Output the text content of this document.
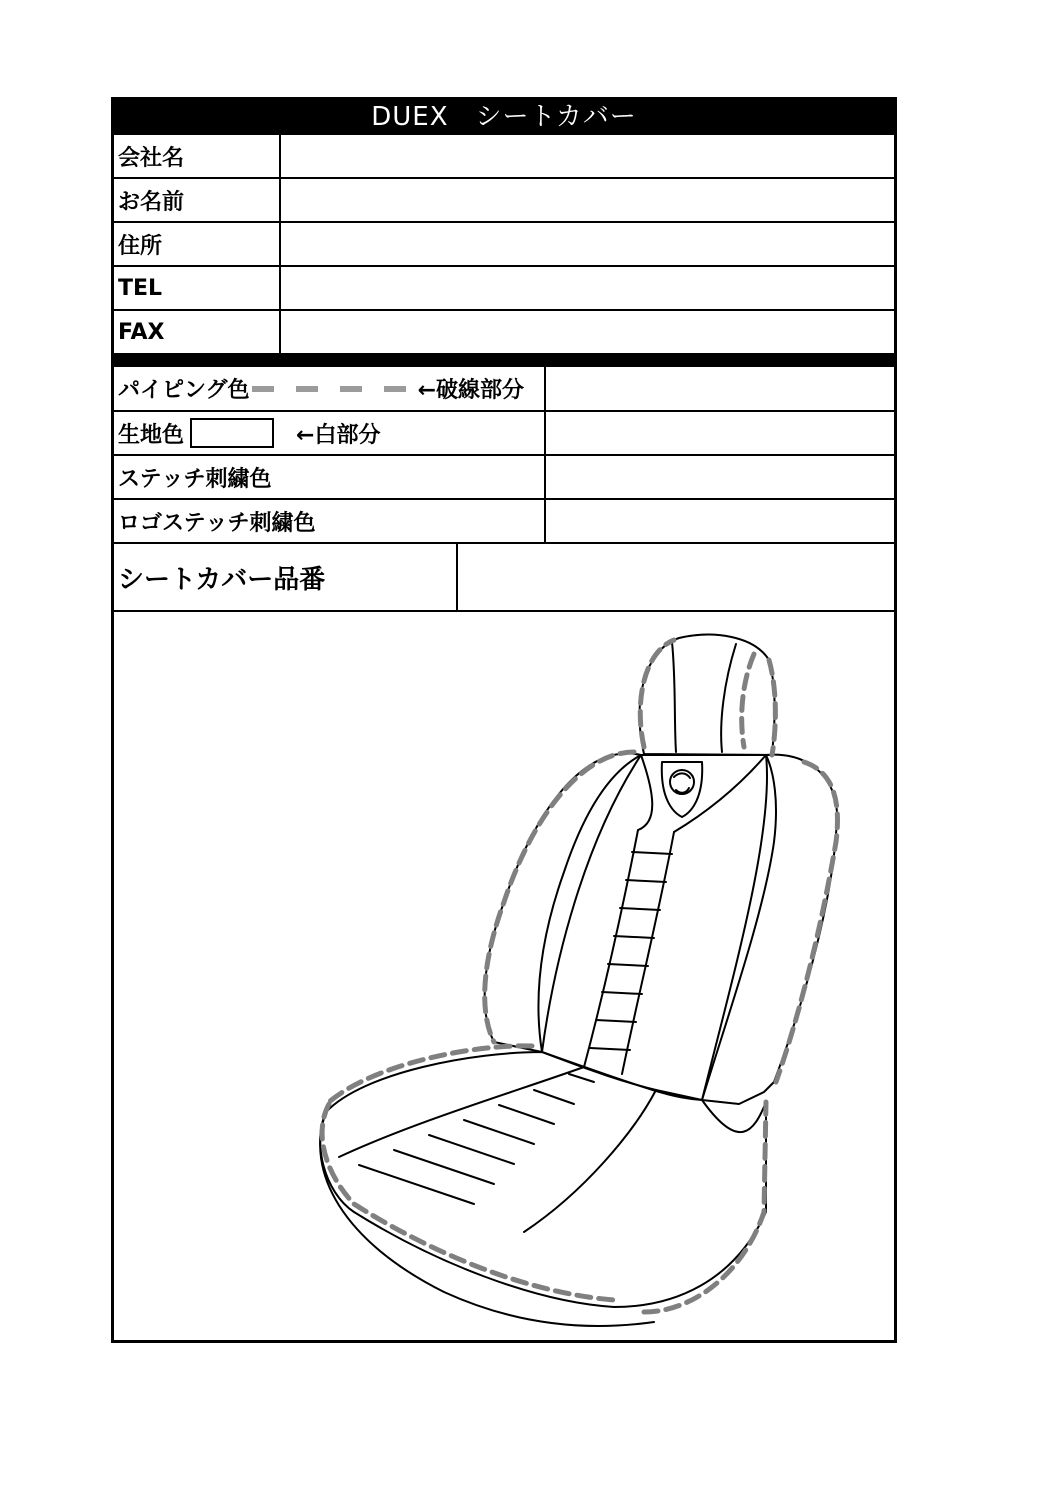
DUEX　シートカバー
会社名
お名前
住所
TEL
FAX
パイピング色	←破線部分
生地色	←白部分
ステッチ刺繍色
ロゴステッチ刺繍色
シートカバー品番
